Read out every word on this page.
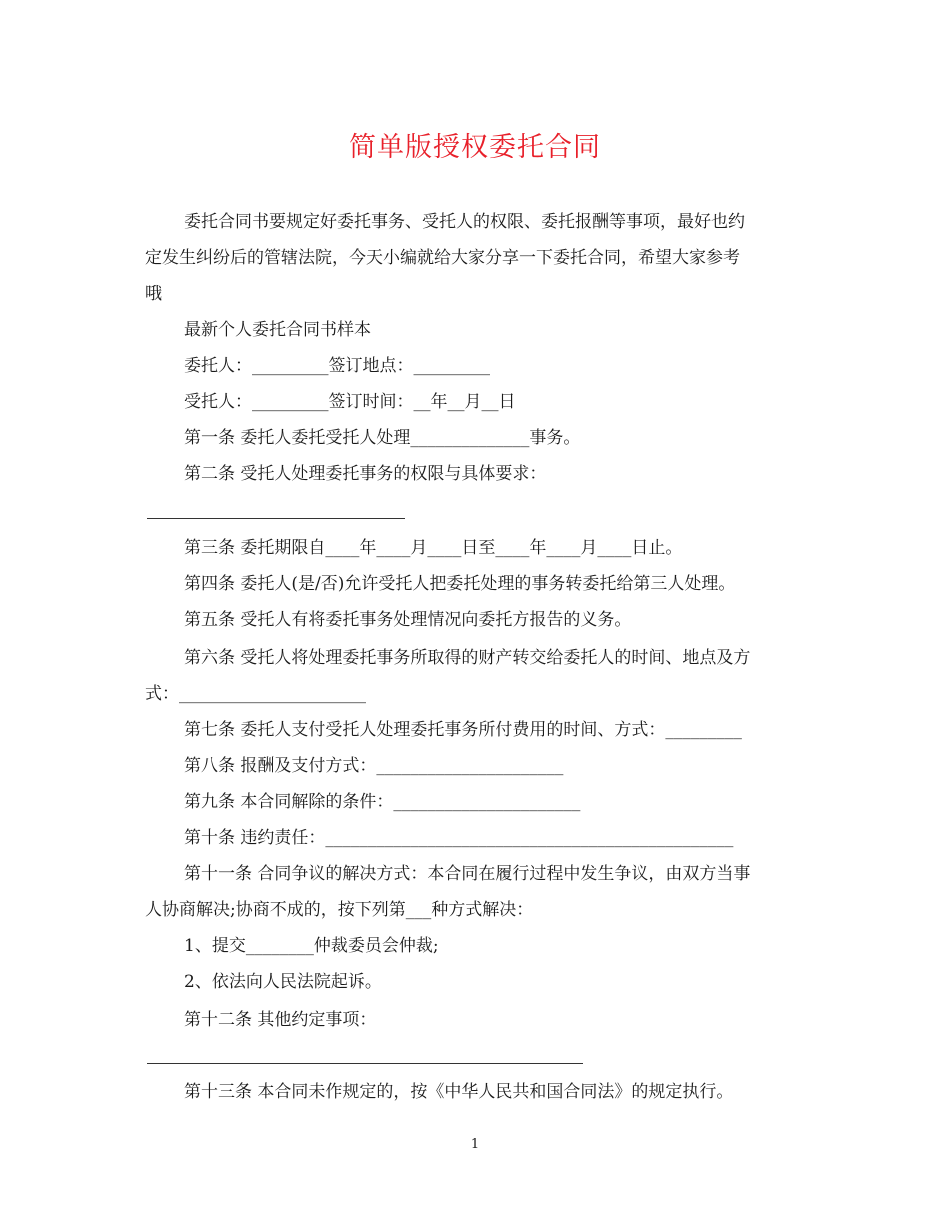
简单版授权委托合同
委托合同书要规定好委托事务、受托人的权限、委托报酬等事项，最好也约
定发生纠纷后的管辖法院，今天小编就给大家分享一下委托合同，希望大家参考
哦
最新个人委托合同书样本
委托人：_________签订地点：_________
受托人：_________签订时间：__年__月__日
第一条 委托人委托受托人处理______________事务。
第二条 受托人处理委托事务的权限与具体要求：
第三条 委托期限自____年____月____日至____年____月____日止。
第四条 委托人(是/否)允许受托人把委托处理的事务转委托给第三人处理。
第五条 受托人有将委托事务处理情况向委托方报告的义务。
第六条 受托人将处理委托事务所取得的财产转交给委托人的时间、地点及方
式：______________________
第七条 委托人支付受托人处理委托事务所付费用的时间、方式：_________
第八条 报酬及支付方式：______________________
第九条 本合同解除的条件：______________________
第十条 违约责任：________________________________________________
第十一条 合同争议的解决方式：本合同在履行过程中发生争议，由双方当事
人协商解决;协商不成的，按下列第___种方式解决：
1、提交________仲裁委员会仲裁;
2、依法向人民法院起诉。
第十二条 其他约定事项：
第十三条 本合同未作规定的，按《中华人民共和国合同法》的规定执行。
1
